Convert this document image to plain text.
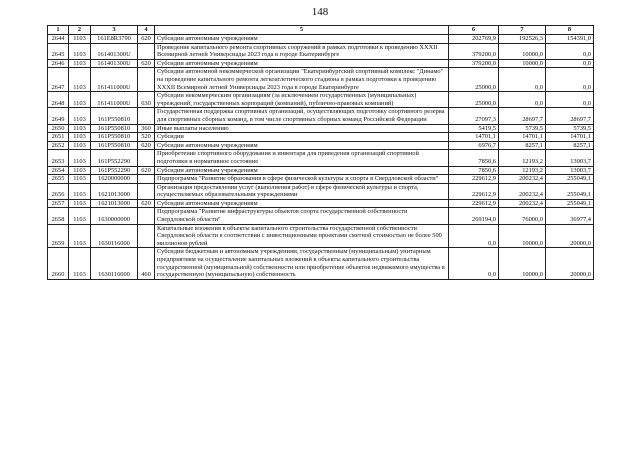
148
1	2	3	4	5	6	7	8
2644	1103	161Е8R3790	620	Субсидии автономным учреждениям	202769,9	192526,3	154391,0
2645	1103	161401300U		Проведение капитального ремонта спортивных сооружений в рамках подготовки к проведению XXXII Всемирной летней Универсиады 2023 года в городе Екатеринбурге	379200,0	10000,0	0,0
2646	1103	161401300U	620	Субсидии автономным учреждениям	379200,0	10000,0	0,0
2647	1103	161411000U		Субсидии автономной некоммерческой организации "Екатеринбургский спортивный комплекс "Динамо" на проведение капитального ремонта легкоатлетического стадиона в рамках подготовки к проведению XXXII Всемирной летней Универсиады 2023 года в городе Екатеринбурге	25000,0	0,0	0,0
2648	1103	161411000U	630	Субсидии некоммерческим организациям (за исключением государственных (муниципальных) учреждений, государственных корпораций (компаний), публично-правовых компаний)	25000,0	0,0	0,0
2649	1103	161Р550810		Государственная поддержка спортивных организаций, осуществляющих подготовку спортивного резерва для спортивных сборных команд, в том числе спортивных сборных команд Российской Федерации	27097,3	28697,7	28697,7
2650	1103	161Р550810	360	Иные выплаты населению	5419,5	5739,5	5739,5
2651	1103	161Р550810	520	Субсидии	14701,1	14701,1	14701,1
2652	1103	161Р550810	620	Субсидии автономным учреждениям	6976,7	8257,1	8257,1
2653	1103	161Р552290		Приобретение спортивного оборудования и инвентаря для приведения организаций спортивной подготовки в нормативное состояние	7850,6	12193,2	13003,7
2654	1103	161Р552290	620	Субсидии автономным учреждениям	7850,6	12193,2	13003,7
2655	1103	1620000000		Подпрограмма "Развитие образования в сфере физической культуры и спорта в Свердловской области"	229612,9	200232,4	255049,1
2656	1103	1621013000		Организация предоставления услуг (выполнения работ) в сфере физической культуры и спорта, осуществляемых образовательными учреждениями	229612,9	200232,4	255049,1
2657	1103	1621013000	620	Субсидии автономным учреждениям	229612,9	200232,4	255049,1
2658	1103	1630000000		Подпрограмма "Развитие инфраструктуры объектов спорта государственной собственности Свердловской области"	269194,0	76000,0	36977,4
2659	1103	1630116000		Капитальные вложения в объекты капитального строительства государственной собственности Свердловской области в соответствии с инвестиционными проектами сметной стоимостью не более 500 миллионов рублей	0,0	10000,0	20000,0
2660	1103	1630116000	460	Субсидии бюджетным и автономным учреждениям, государственным (муниципальным) унитарным предприятиям на осуществление капитальных вложений в объекты капитального строительства государственной (муниципальной) собственности или приобретение объектов недвижимого имущества в государственную (муниципальную) собственность	0,0	10000,0	20000,0
